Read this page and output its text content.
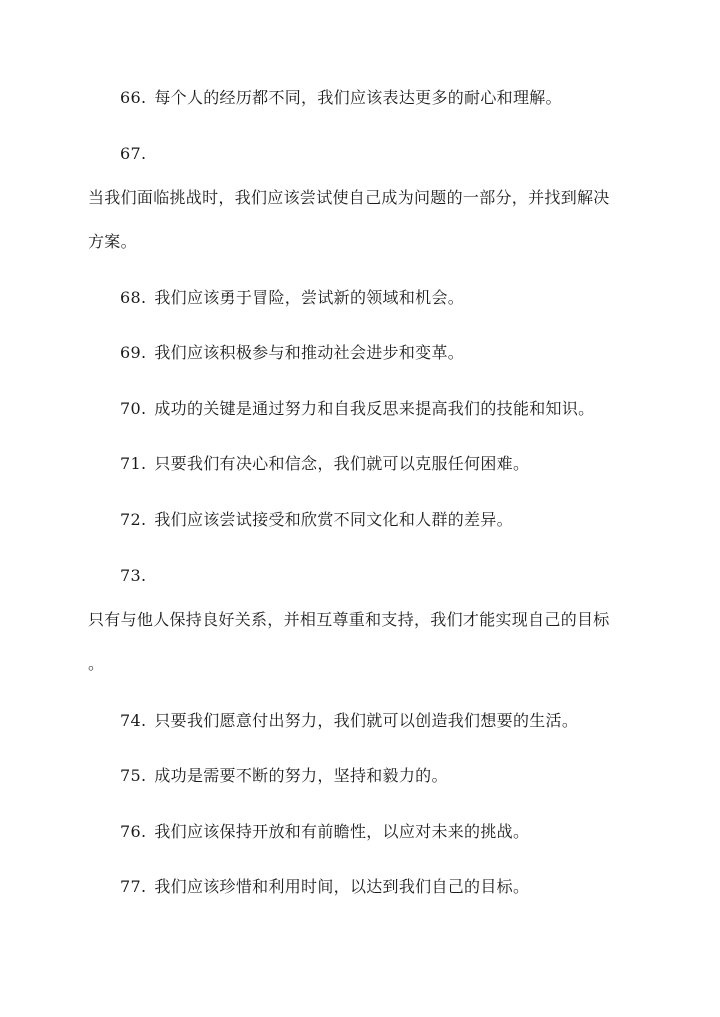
66. 每个人的经历都不同，我们应该表达更多的耐心和理解。
67.
当我们面临挑战时，我们应该尝试使自己成为问题的一部分，并找到解决
方案。
68. 我们应该勇于冒险，尝试新的领域和机会。
69. 我们应该积极参与和推动社会进步和变革。
70. 成功的关键是通过努力和自我反思来提高我们的技能和知识。
71. 只要我们有决心和信念，我们就可以克服任何困难。
72. 我们应该尝试接受和欣赏不同文化和人群的差异。
73.
只有与他人保持良好关系，并相互尊重和支持，我们才能实现自己的目标
。
74. 只要我们愿意付出努力，我们就可以创造我们想要的生活。
75. 成功是需要不断的努力，坚持和毅力的。
76. 我们应该保持开放和有前瞻性，以应对未来的挑战。
77. 我们应该珍惜和利用时间，以达到我们自己的目标。
